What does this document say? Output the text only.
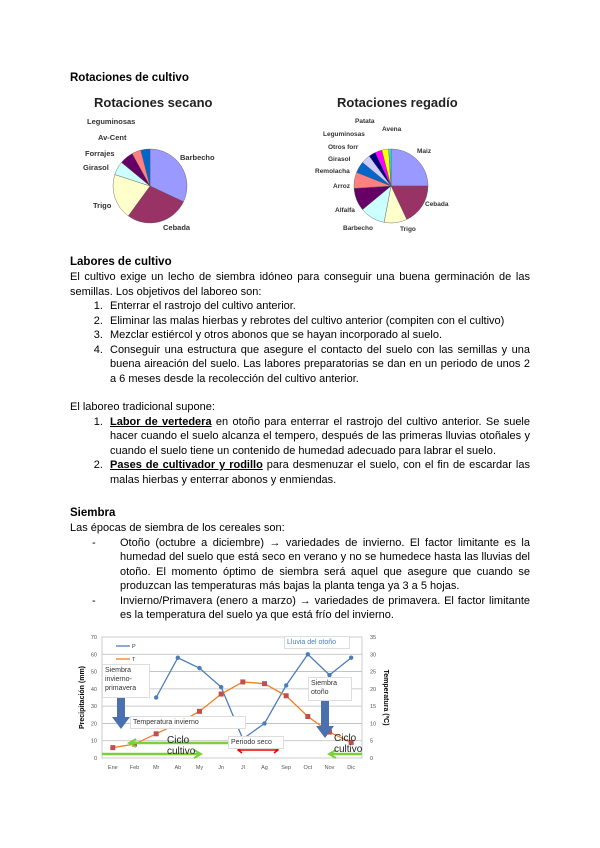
Rotaciones de cultivo
Rotaciones secano	Rotaciones regadío
Barbecho
Cebada
Trigo
Girasol
Forrajes
Av-Cent
Leguminosas
Maiz
Cebada
Trigo
Barbecho
Alfalfa
Arroz
Remolacha
Girasol
Otros forr
Leguminosas
Patata
Avena
Labores de cultivo
El cultivo exige un lecho de siembra idóneo para conseguir una buena germinación de las semillas. Los objetivos del laboreo son:
1. Enterrar el rastrojo del cultivo anterior.
2. Eliminar las malas hierbas y rebrotes del cultivo anterior (compiten con el cultivo)
3. Mezclar estiércol y otros abonos que se hayan incorporado al suelo.
4. Conseguir una estructura que asegure el contacto del suelo con las semillas y una buena aireación del suelo. Las labores preparatorias se dan en un periodo de unos 2 a 6 meses desde la recolección del cultivo anterior.
El laboreo tradicional supone:
1. Labor de vertedera en otoño para enterrar el rastrojo del cultivo anterior. Se suele hacer cuando el suelo alcanza el tempero, después de las primeras lluvias otoñales y cuando el suelo tiene un contenido de humedad adecuado para labrar el suelo.
2. Pases de cultivador y rodillo para desmenuzar el suelo, con el fin de escardar las malas hierbas y enterrar abonos y enmiendas.
Siembra
Las épocas de siembra de los cereales son:
- Otoño (octubre a diciembre) → variedades de invierno. El factor limitante es la humedad del suelo que está seco en verano y no se humedece hasta las lluvias del otoño. El momento óptimo de siembra será aquel que asegure que cuando se produzcan las temperaturas más bajas la planta tenga ya 3 a 5 hojas.
- Invierno/Primavera (enero a marzo) → variedades de primavera. El factor limitante es la temperatura del suelo ya que está frío del invierno.
0	0
10	5
20	10
30	15
40	20
50	25
60	30
70	35
Ene Feb Mr	Ab	My	Jn	Jl	Ag Sep Oct Nov Dic
Precipitación (mm)	Temperatura (ºC)
P
T
Lluvia del otoño
Siembra invierno-primavera
Temperatura invierno
Periodo seco
Siembra otoño
Ciclo cultivo
Ciclo cultivo
